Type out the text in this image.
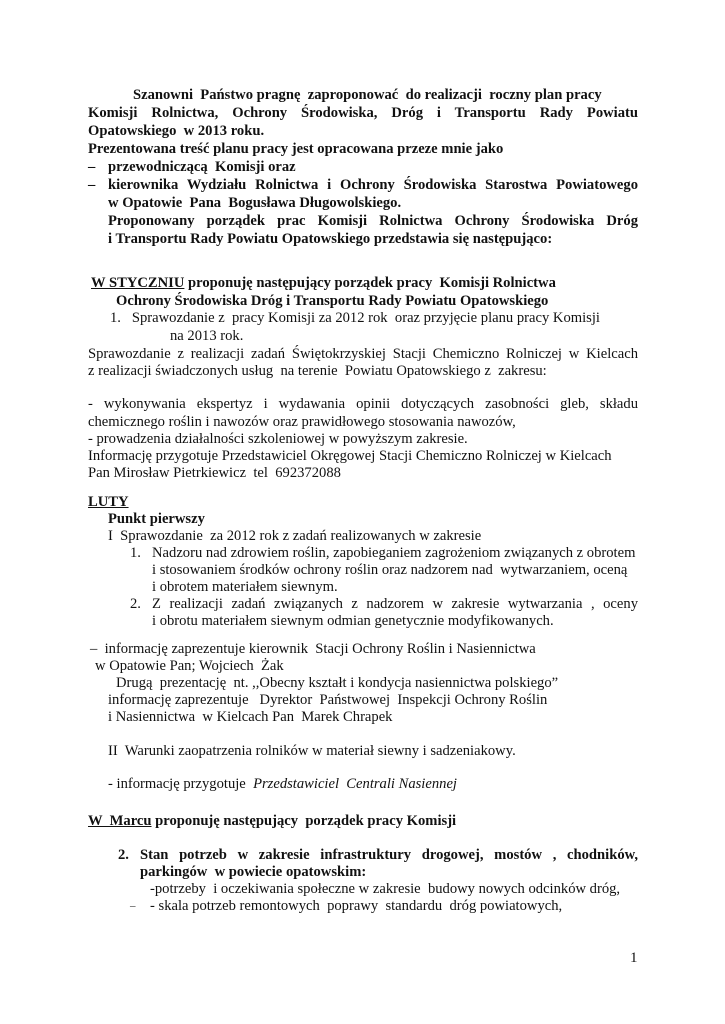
Szanowni  Państwo pragnę  zaproponować  do realizacji  roczny plan pracy
Komisji Rolnictwa, Ochrony Środowiska, Dróg i Transportu Rady Powiatu
Opatowskiego  w 2013 roku.
Prezentowana treść planu pracy jest opracowana przeze mnie jako
– przewodniczącą  Komisji oraz
– kierownika Wydziału Rolnictwa i Ochrony Środowiska Starostwa Powiatowego
w Opatowie  Pana  Bogusława Długowolskiego.
Proponowany porządek prac Komisji Rolnictwa Ochrony Środowiska Dróg
i Transportu Rady Powiatu Opatowskiego przedstawia się następująco:
W STYCZNIU proponuję następujący porządek pracy  Komisji Rolnictwa
Ochrony Środowiska Dróg i Transportu Rady Powiatu Opatowskiego
1.   Sprawozdanie z  pracy Komisji za 2012 rok  oraz przyjęcie planu pracy Komisji
na 2013 rok.
Sprawozdanie z realizacji zadań Świętokrzyskiej Stacji Chemiczno Rolniczej w Kielcach
z realizacji świadczonych usług  na terenie  Powiatu Opatowskiego z  zakresu:
- wykonywania ekspertyz i wydawania opinii dotyczących zasobności gleb, składu
chemicznego roślin i nawozów oraz prawidłowego stosowania nawozów,
- prowadzenia działalności szkoleniowej w powyższym zakresie.
Informację przygotuje Przedstawiciel Okręgowej Stacji Chemiczno Rolniczej w Kielcach
Pan Mirosław Pietrkiewicz  tel  692372088
LUTY
Punkt pierwszy
I  Sprawozdanie  za 2012 rok z zadań realizowanych w zakresie
1. Nadzoru nad zdrowiem roślin, zapobieganiem zagrożeniom związanych z obrotem
i stosowaniem środków ochrony roślin oraz nadzorem nad  wytwarzaniem, oceną
i obrotem materiałem siewnym.
2. Z realizacji zadań związanych z nadzorem w zakresie wytwarzania , oceny
i obrotu materiałem siewnym odmian genetycznie modyfikowanych.
–  informację zaprezentuje kierownik  Stacji Ochrony Roślin i Nasiennictwa
w Opatowie Pan; Wojciech  Żak
Drugą  prezentację  nt. ,,Obecny kształt i kondycja nasiennictwa polskiego”
informację zaprezentuje   Dyrektor  Państwowej  Inspekcji Ochrony Roślin
i Nasiennictwa  w Kielcach Pan  Marek Chrapek
II  Warunki zaopatrzenia rolników w materiał siewny i sadzeniakowy.
- informację przygotuje  Przedstawiciel  Centrali Nasiennej
W  Marcu proponuję następujący  porządek pracy Komisji
2. Stan potrzeb w zakresie infrastruktury drogowej, mostów , chodników,
parkingów  w powiecie opatowskim:
-potrzeby  i oczekiwania społeczne w zakresie  budowy nowych odcinków dróg,
– - skala potrzeb remontowych  poprawy  standardu  dróg powiatowych,
1
